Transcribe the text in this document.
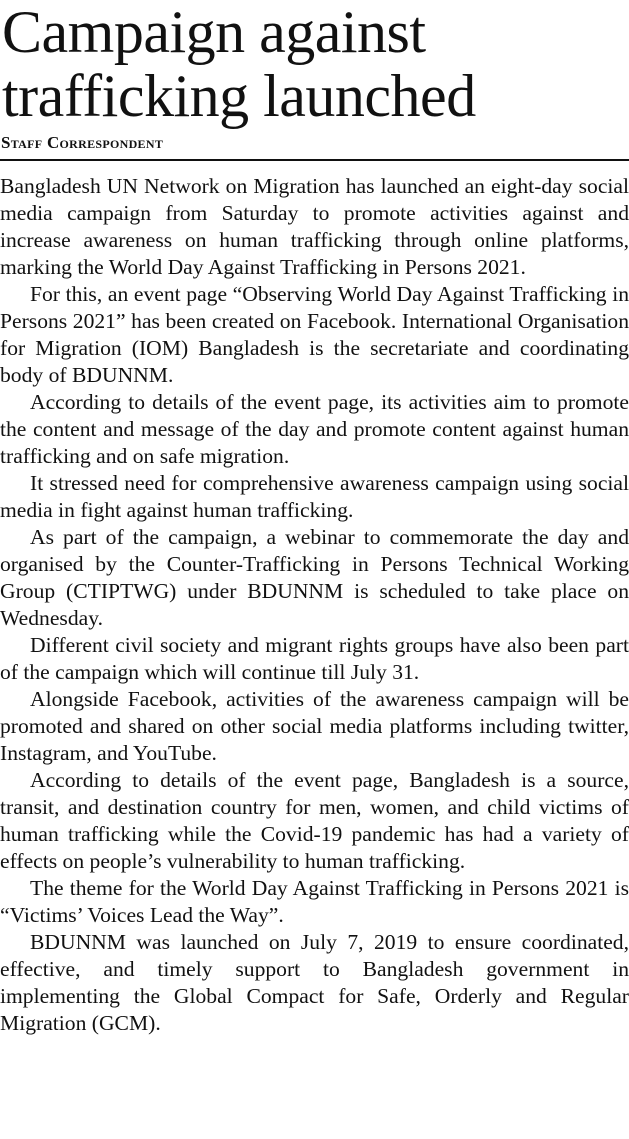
Campaign against
trafficking launched
Staff Correspondent

Bangladesh UN Network on Migration has launched an eight-day social media campaign from Saturday to promote activities against and increase awareness on human trafficking through online platforms, marking the World Day Against Trafficking in Persons 2021.

For this, an event page “Observing World Day Against Trafficking in Persons 2021” has been created on Facebook. International Organisation for Migration (IOM) Bangladesh is the secretariate and coordinating body of BDUNNM.

According to details of the event page, its activities aim to promote the content and message of the day and promote content against human trafficking and on safe migration.

It stressed need for comprehensive awareness campaign using social media in fight against human trafficking.

As part of the campaign, a webinar to commemorate the day and organised by the Counter-Trafficking in Persons Technical Working Group (CTIPTWG) under BDUNNM is scheduled to take place on Wednesday.

Different civil society and migrant rights groups have also been part of the campaign which will continue till July 31.

Alongside Facebook, activities of the awareness campaign will be promoted and shared on other social media platforms including twitter, Instagram, and YouTube.

According to details of the event page, Bangladesh is a source, transit, and destination country for men, women, and child victims of human trafficking while the Covid-19 pandemic has had a variety of effects on people’s vulnerability to human trafficking.

The theme for the World Day Against Trafficking in Persons 2021 is “Victims’ Voices Lead the Way”.

BDUNNM was launched on July 7, 2019 to ensure coordinated, effective, and timely support to Bangladesh government in implementing the Global Compact for Safe, Orderly and Regular Migration (GCM).
